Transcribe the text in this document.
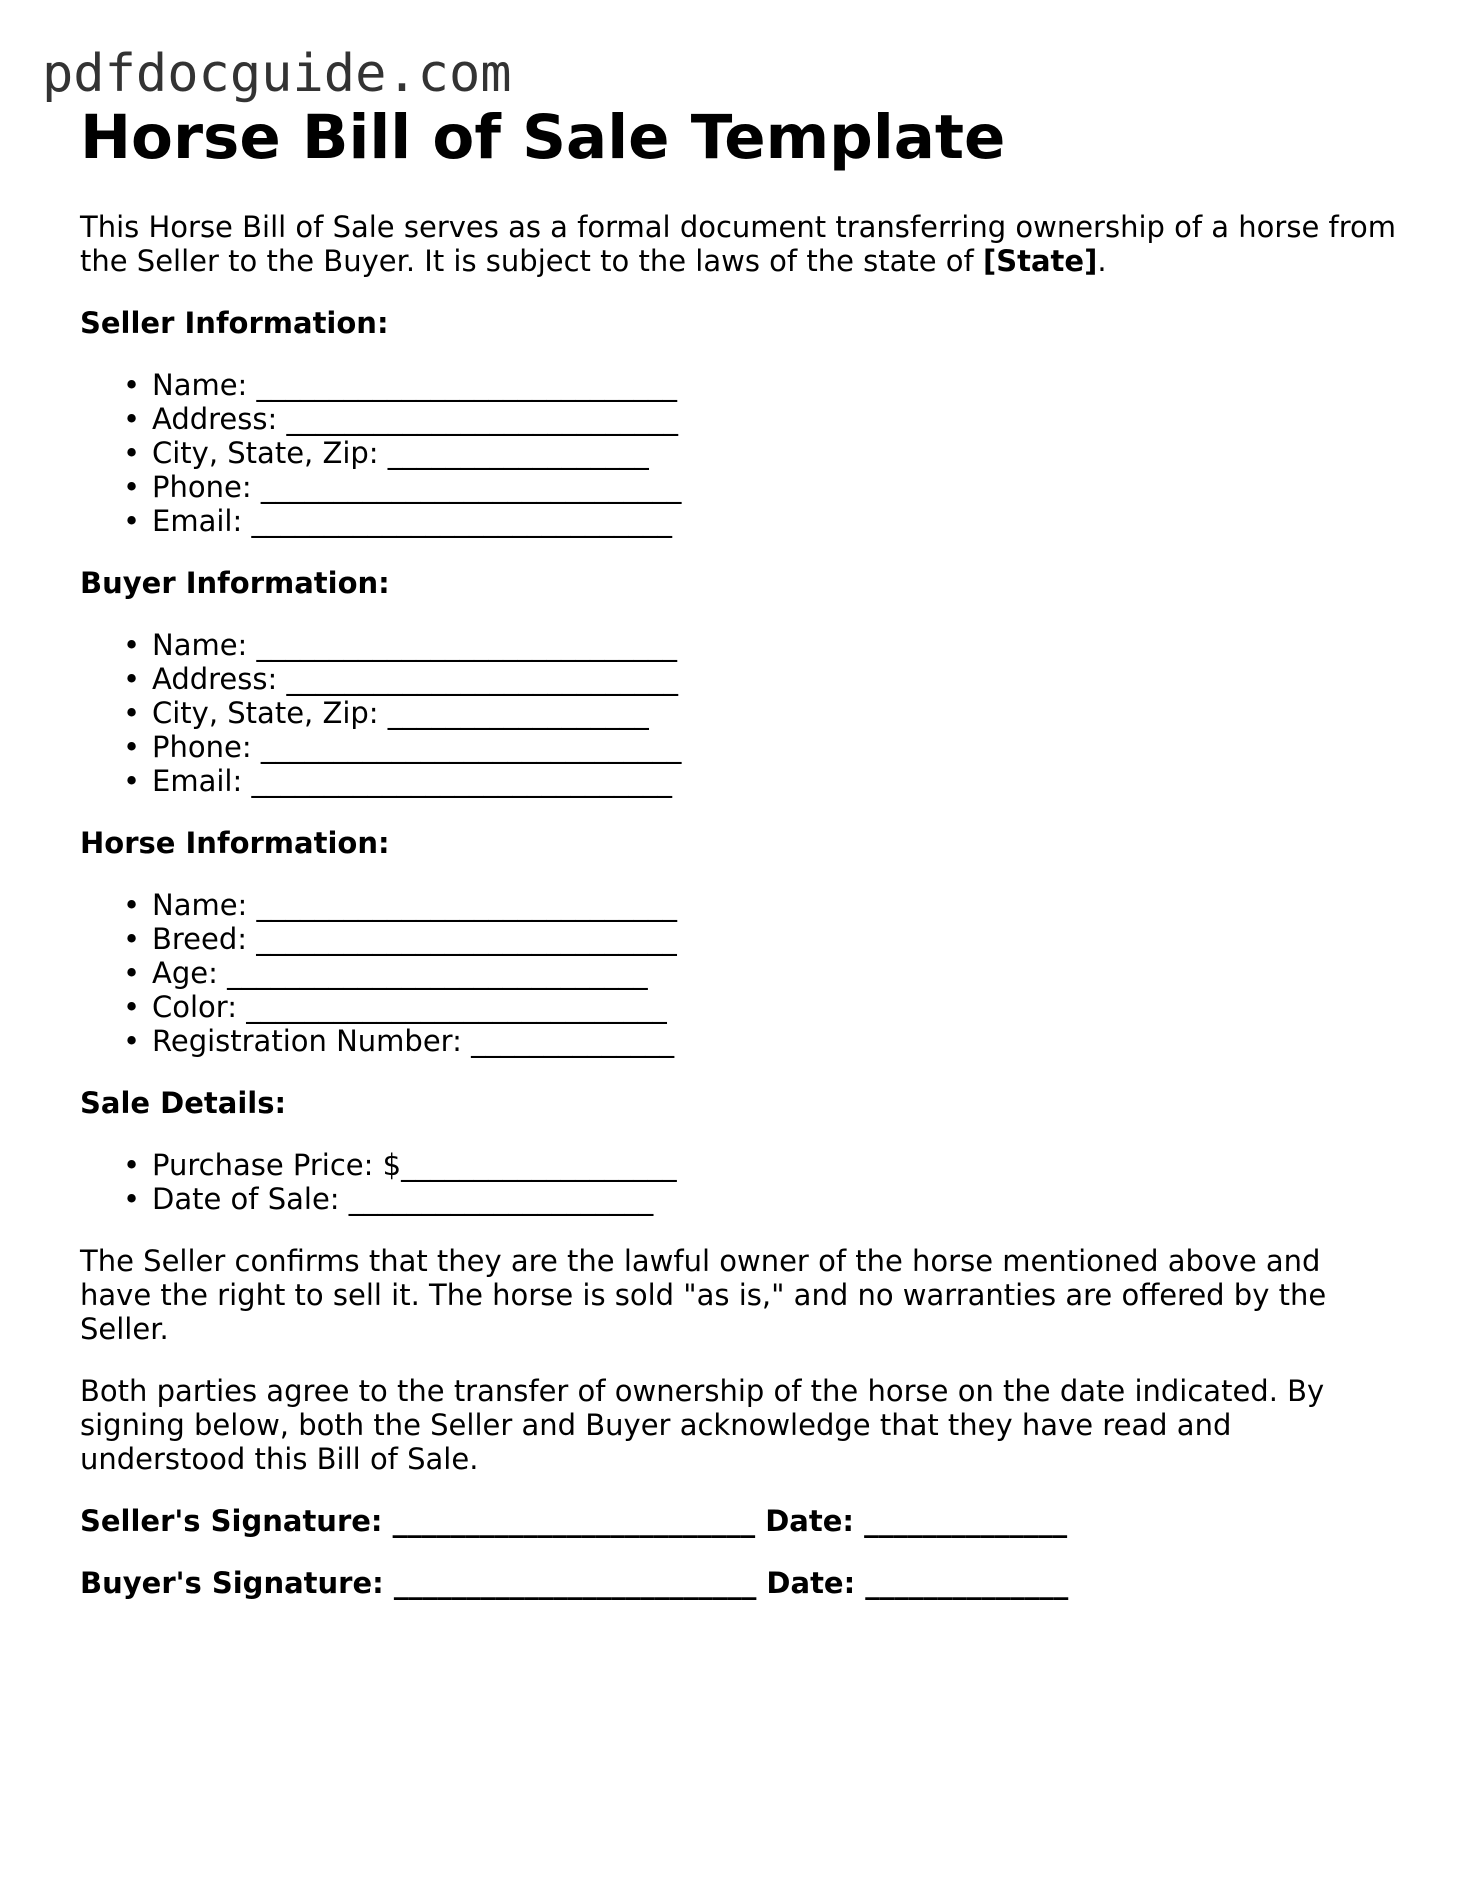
pdfdocguide.com
Horse Bill of Sale Template

This Horse Bill of Sale serves as a formal document transferring ownership of a horse from the Seller to the Buyer. It is subject to the laws of the state of [State].

Seller Information:
• Name: _____________________________
• Address: ___________________________
• City, State, Zip: __________________
• Phone: _____________________________
• Email: _____________________________
Buyer Information:
• Name: _____________________________
• Address: ___________________________
• City, State, Zip: __________________
• Phone: _____________________________
• Email: _____________________________
Horse Information:
• Name: _____________________________
• Breed: _____________________________
• Age: _____________________________
• Color: _____________________________
• Registration Number: ______________
Sale Details:
• Purchase Price: $___________________
• Date of Sale: _____________________

The Seller confirms that they are the lawful owner of the horse mentioned above and have the right to sell it. The horse is sold "as is," and no warranties are offered by the Seller.

Both parties agree to the transfer of ownership of the horse on the date indicated. By signing below, both the Seller and Buyer acknowledge that they have read and understood this Bill of Sale.

Seller's Signature: _________________________ Date: ______________
Buyer's Signature: _________________________ Date: ______________
